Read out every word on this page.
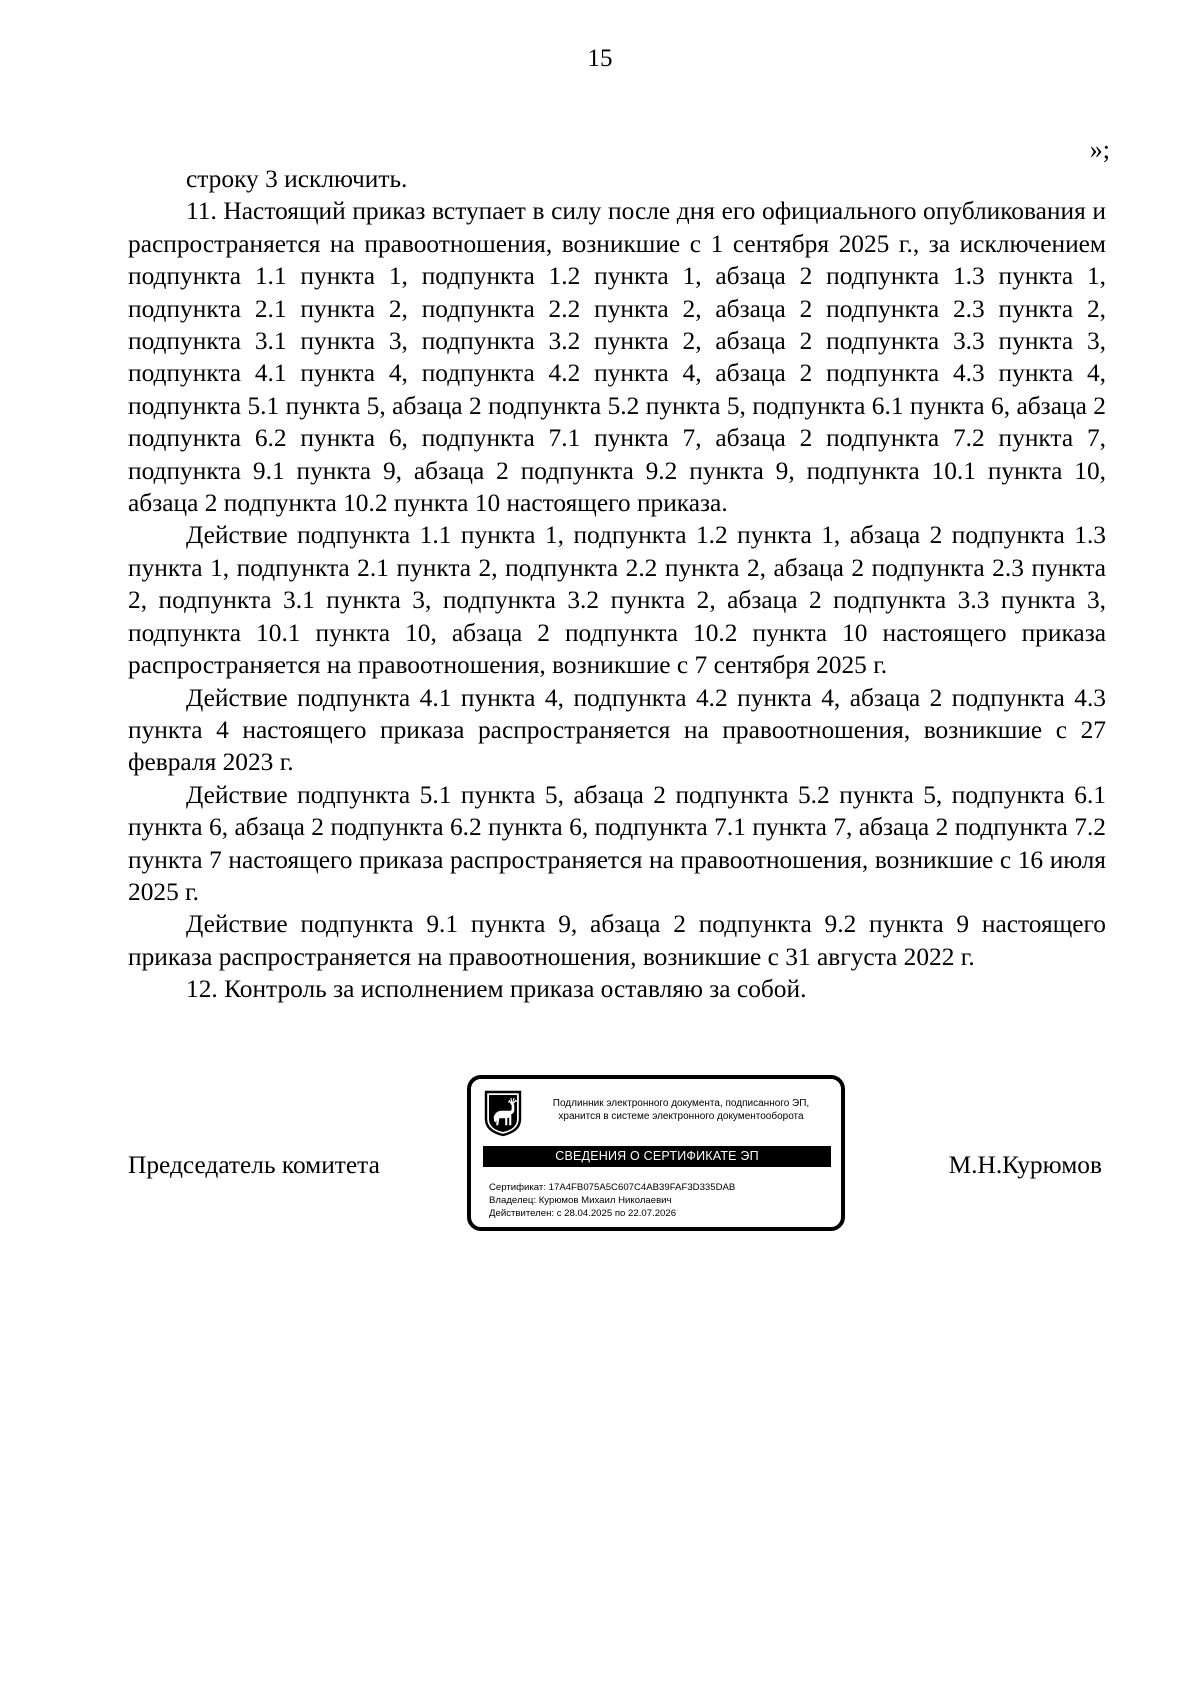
15
»;

строку 3 исключить.

11. Настоящий приказ вступает в силу после дня его официального опубликования и распространяется на правоотношения, возникшие с 1 сентября 2025 г., за исключением подпункта 1.1 пункта 1, подпункта 1.2 пункта 1, абзаца 2 подпункта 1.3 пункта 1, подпункта 2.1 пункта 2, подпункта 2.2 пункта 2, абзаца 2 подпункта 2.3 пункта 2, подпункта 3.1 пункта 3, подпункта 3.2 пункта 2, абзаца 2 подпункта 3.3 пункта 3, подпункта 4.1 пункта 4, подпункта 4.2 пункта 4, абзаца 2 подпункта 4.3 пункта 4, подпункта 5.1 пункта 5, абзаца 2 подпункта 5.2 пункта 5, подпункта 6.1 пункта 6, абзаца 2 подпункта 6.2 пункта 6, подпункта 7.1 пункта 7, абзаца 2 подпункта 7.2 пункта 7, подпункта 9.1 пункта 9, абзаца 2 подпункта 9.2 пункта 9, подпункта 10.1 пункта 10, абзаца 2 подпункта 10.2 пункта 10 настоящего приказа.

Действие подпункта 1.1 пункта 1, подпункта 1.2 пункта 1, абзаца 2 подпункта 1.3 пункта 1, подпункта 2.1 пункта 2, подпункта 2.2 пункта 2, абзаца 2 подпункта 2.3 пункта 2, подпункта 3.1 пункта 3, подпункта 3.2 пункта 2, абзаца 2 подпункта 3.3 пункта 3, подпункта 10.1 пункта 10, абзаца 2 подпункта 10.2 пункта 10 настоящего приказа распространяется на правоотношения, возникшие с 7 сентября 2025 г.

Действие подпункта 4.1 пункта 4, подпункта 4.2 пункта 4, абзаца 2 подпункта 4.3 пункта 4 настоящего приказа распространяется на правоотношения, возникшие с 27 февраля 2023 г.

Действие подпункта 5.1 пункта 5, абзаца 2 подпункта 5.2 пункта 5, подпункта 6.1 пункта 6, абзаца 2 подпункта 6.2 пункта 6, подпункта 7.1 пункта 7, абзаца 2 подпункта 7.2 пункта 7 настоящего приказа распространяется на правоотношения, возникшие с 16 июля 2025 г.

Действие подпункта 9.1 пункта 9, абзаца 2 подпункта 9.2 пункта 9 настоящего приказа распространяется на правоотношения, возникшие с 31 августа 2022 г.

12. Контроль за исполнением приказа оставляю за собой.

Председатель комитета	М.Н.Курюмов
Подлинник электронного документа, подписанного ЭП,
хранится в системе электронного документооборота
СВЕДЕНИЯ О СЕРТИФИКАТЕ ЭП
Сертификат: 17A4FB075A5C607C4AB39FAF3D335DAB
Владелец: Курюмов Михаил Николаевич
Действителен: с 28.04.2025 по 22.07.2026
